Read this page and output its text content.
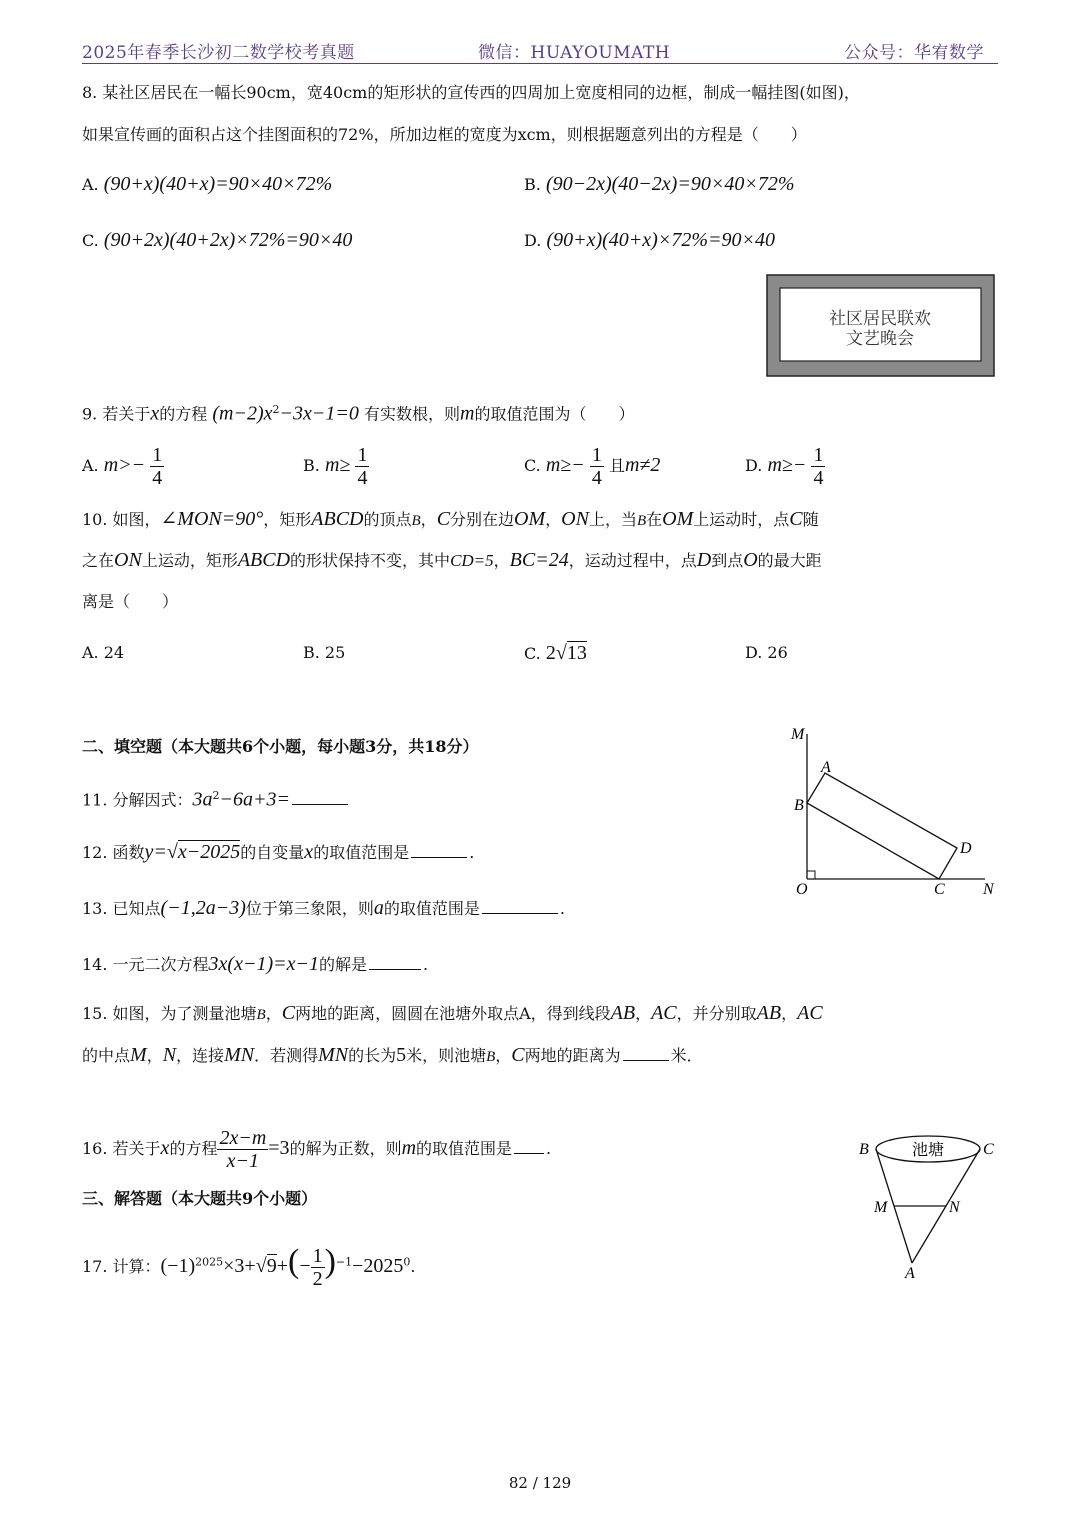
2025年春季长沙初二数学校考真题	微信：HUAYOUMATH	公众号：华宥数学
8. 某社区居民在一幅长90cm，宽40cm的矩形状的宣传西的四周加上宽度相同的边框，制成一幅挂图(如图)，
如果宣传画的面积占这个挂图面积的72%，所加边框的宽度为xcm，则根据题意列出的方程是（　　）
A. (90+x)(40+x)=90×40×72%	B. (90−2x)(40−2x)=90×40×72%
C. (90+2x)(40+2x)×72%=90×40	D. (90+x)(40+x)×72%=90×40
社区居民联欢
文艺晚会
9. 若关于x的方程 $(m-2)x^2-3x-1=0$ 有实数根，则m的取值范围为（　　）
A. $m>- \frac{1}{4}$	B. $m\ge \frac{1}{4}$	C. $m\ge- \frac{1}{4}$ 且m≠2	D. $m\ge- \frac{1}{4}$
10. 如图，∠MON=90°，矩形ABCD的顶点B，C分别在边OM，ON上，当B在OM上运动时，点C随
之在ON上运动，矩形ABCD的形状保持不变，其中CD=5，BC=24，运动过程中，点D到点O的最大距
离是（　　）
A. 24	B. 25	C. 2√13	D. 26
M
A
B
D
O	C N
二、填空题（本大题共6个小题，每小题3分，共18分）
11. 分解因式：$3a^2-6a+3=$
12. 函数y=√x−2025的自变量x的取值范围是	.
13. 已知点(−1,2a−3)位于第三象限，则a的取值范围是	.
14. 一元二次方程3x(x−1)=x−1的解是	.
15. 如图，为了测量池塘B，C两地的距离，圆圆在池塘外取点A，得到线段AB，AC，并分别取AB，AC
的中点M，N，连接MN．若测得MN的长为5米，则池塘B，C两地的距离为	米．
16. 若关于x的方程 $\frac{2x-m}{x-1} =3$的解为正数，则m的取值范围是 .	池塘
B	C
M	N
A
三、解答题（本大题共9个小题）
17. 计算：$(-1)^{2025}\times 3+√9+(- \frac{1}{2} )^{-1}-2025^0$.
82 / 129
